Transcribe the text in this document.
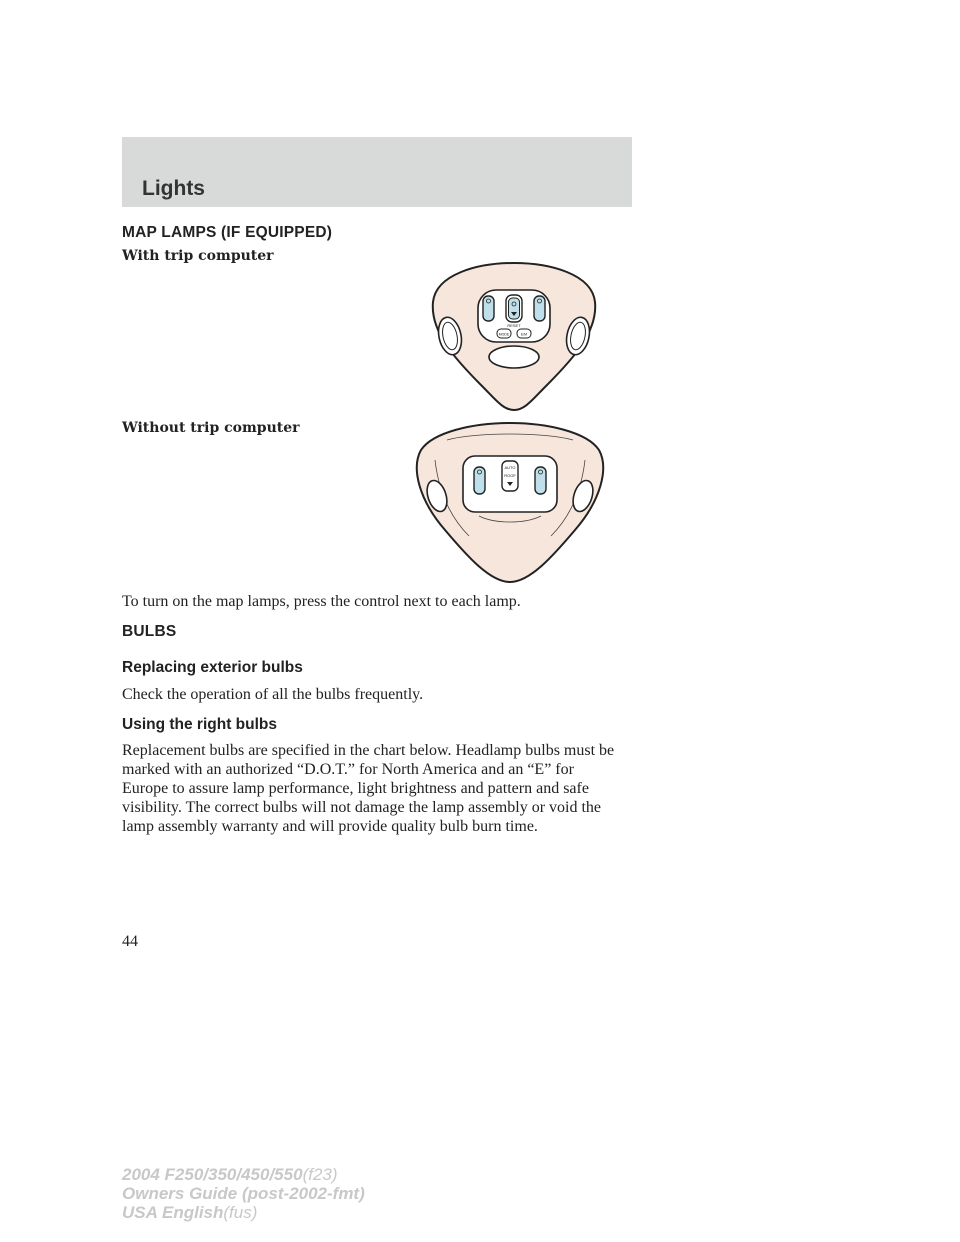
Lights
MAP LAMPS (IF EQUIPPED)
With trip computer
RESET
MODE	E/M
Without trip computer
AUTO
ROOF
To turn on the map lamps, press the control next to each lamp.
BULBS
Replacing exterior bulbs
Check the operation of all the bulbs frequently.
Using the right bulbs
Replacement bulbs are specified in the chart below. Headlamp bulbs must be marked with an authorized “D.O.T.” for North America and an “E” for Europe to assure lamp performance, light brightness and pattern and safe visibility. The correct bulbs will not damage the lamp assembly or void the lamp assembly warranty and will provide quality bulb burn time.
44
2004 F250/350/450/550(f23)
Owners Guide (post-2002-fmt)
USA English(fus)
